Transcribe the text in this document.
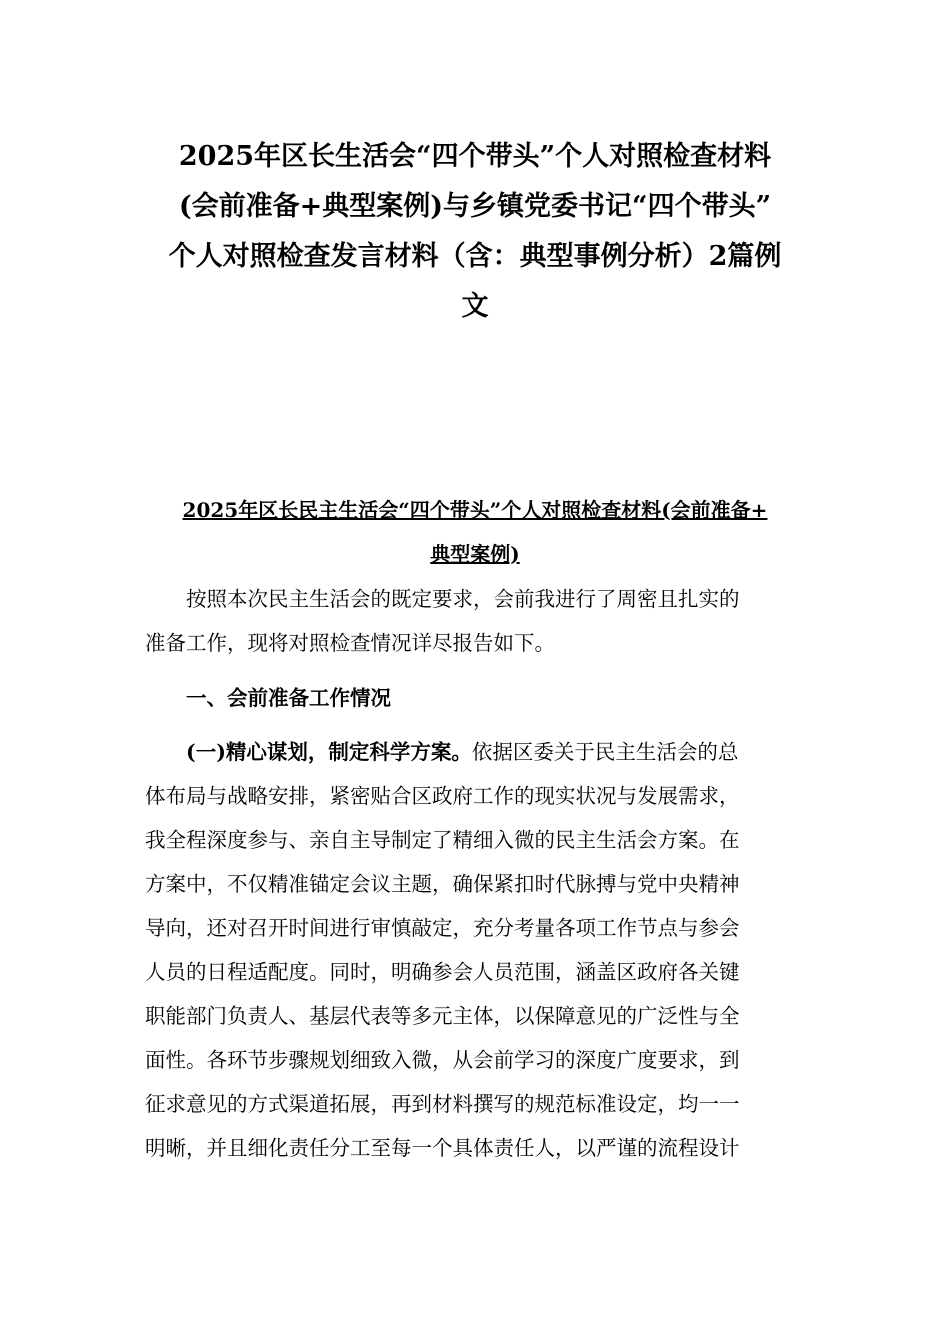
2025年区长生活会“四个带头”个人对照检查材料
(会前准备+典型案例)与乡镇党委书记“四个带头”
个人对照检查发言材料（含：典型事例分析）2篇例
文
2025年区长民主生活会“四个带头”个人对照检查材料(会前准备+
典型案例)

按照本次民主生活会的既定要求，会前我进行了周密且扎实的
准备工作，现将对照检查情况详尽报告如下。

一、会前准备工作情况

(一)精心谋划，制定科学方案。依据区委关于民主生活会的总
体布局与战略安排，紧密贴合区政府工作的现实状况与发展需求，
我全程深度参与、亲自主导制定了精细入微的民主生活会方案。在
方案中，不仅精准锚定会议主题，确保紧扣时代脉搏与党中央精神
导向，还对召开时间进行审慎敲定，充分考量各项工作节点与参会
人员的日程适配度。同时，明确参会人员范围，涵盖区政府各关键
职能部门负责人、基层代表等多元主体，以保障意见的广泛性与全
面性。各环节步骤规划细致入微，从会前学习的深度广度要求，到
征求意见的方式渠道拓展，再到材料撰写的规范标准设定，均一一
明晰，并且细化责任分工至每一个具体责任人，以严谨的流程设计
